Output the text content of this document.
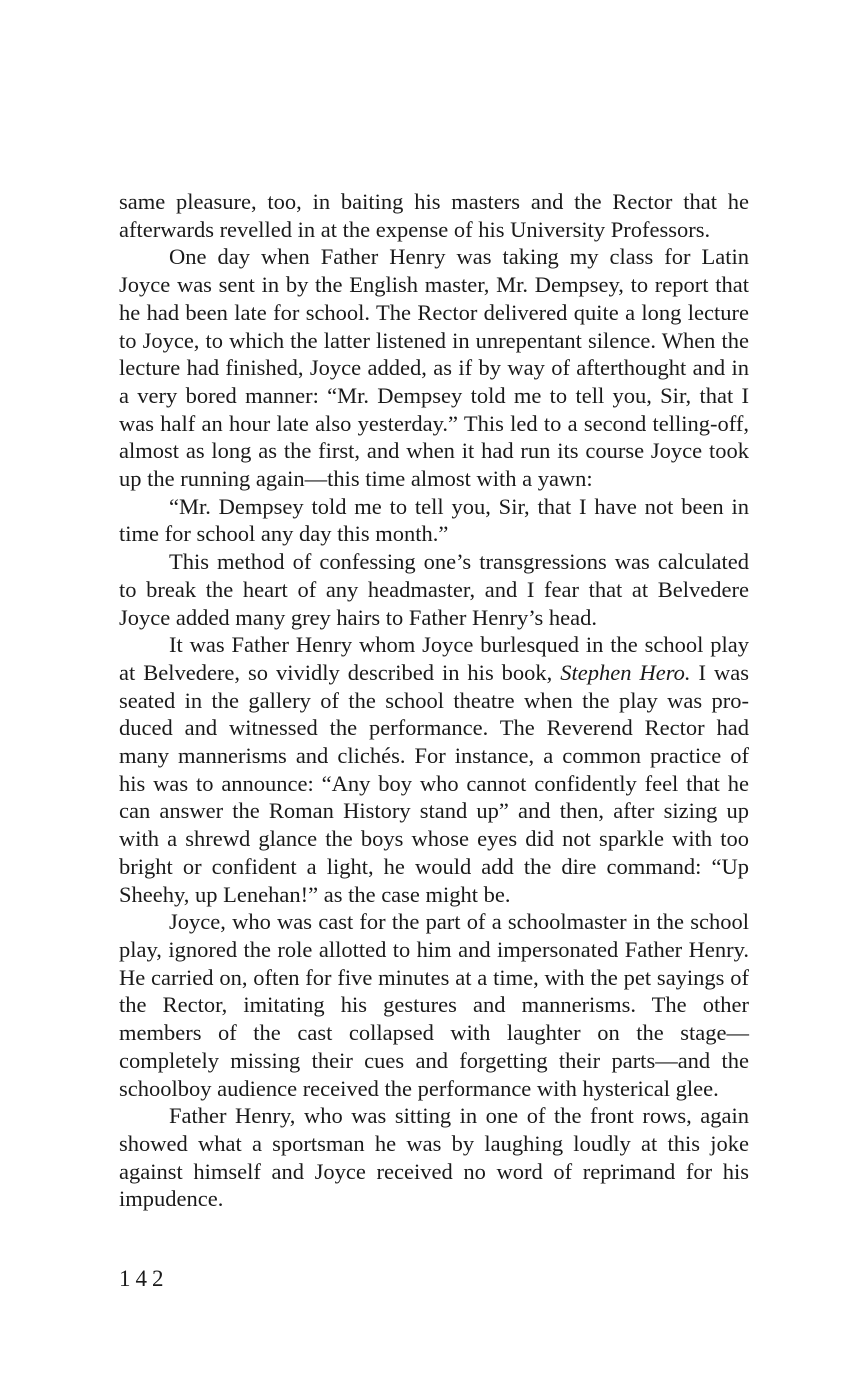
same pleasure, too, in baiting his masters and the Rector that he afterwards revelled in at the expense of his University Professors.

One day when Father Henry was taking my class for Latin Joyce was sent in by the English master, Mr. Dempsey, to report that he had been late for school. The Rector delivered quite a long lecture to Joyce, to which the latter listened in unrepentant silence. When the lecture had finished, Joyce added, as if by way of afterthought and in a very bored manner: “Mr. Dempsey told me to tell you, Sir, that I was half an hour late also yesterday.” This led to a second telling-off, almost as long as the first, and when it had run its course Joyce took up the running again—this time almost with a yawn:

“Mr. Dempsey told me to tell you, Sir, that I have not been in time for school any day this month.”

This method of confessing one’s transgressions was calculated to break the heart of any headmaster, and I fear that at Belvedere Joyce added many grey hairs to Father Henry’s head.

It was Father Henry whom Joyce burlesqued in the school play at Belvedere, so vividly described in his book, Stephen Hero. I was seated in the gallery of the school theatre when the play was produced and witnessed the performance. The Reverend Rector had many mannerisms and clichés. For instance, a common practice of his was to announce: “Any boy who cannot confidently feel that he can answer the Roman History stand up” and then, after sizing up with a shrewd glance the boys whose eyes did not sparkle with too bright or confident a light, he would add the dire command: “Up Sheehy, up Lenehan!” as the case might be.

Joyce, who was cast for the part of a schoolmaster in the school play, ignored the role allotted to him and impersonated Father Henry. He carried on, often for five minutes at a time, with the pet sayings of the Rector, imitating his gestures and mannerisms. The other members of the cast collapsed with laughter on the stage— completely missing their cues and forgetting their parts—and the schoolboy audience received the performance with hysterical glee.

Father Henry, who was sitting in one of the front rows, again showed what a sportsman he was by laughing loudly at this joke against himself and Joyce received no word of reprimand for his impudence.

142
